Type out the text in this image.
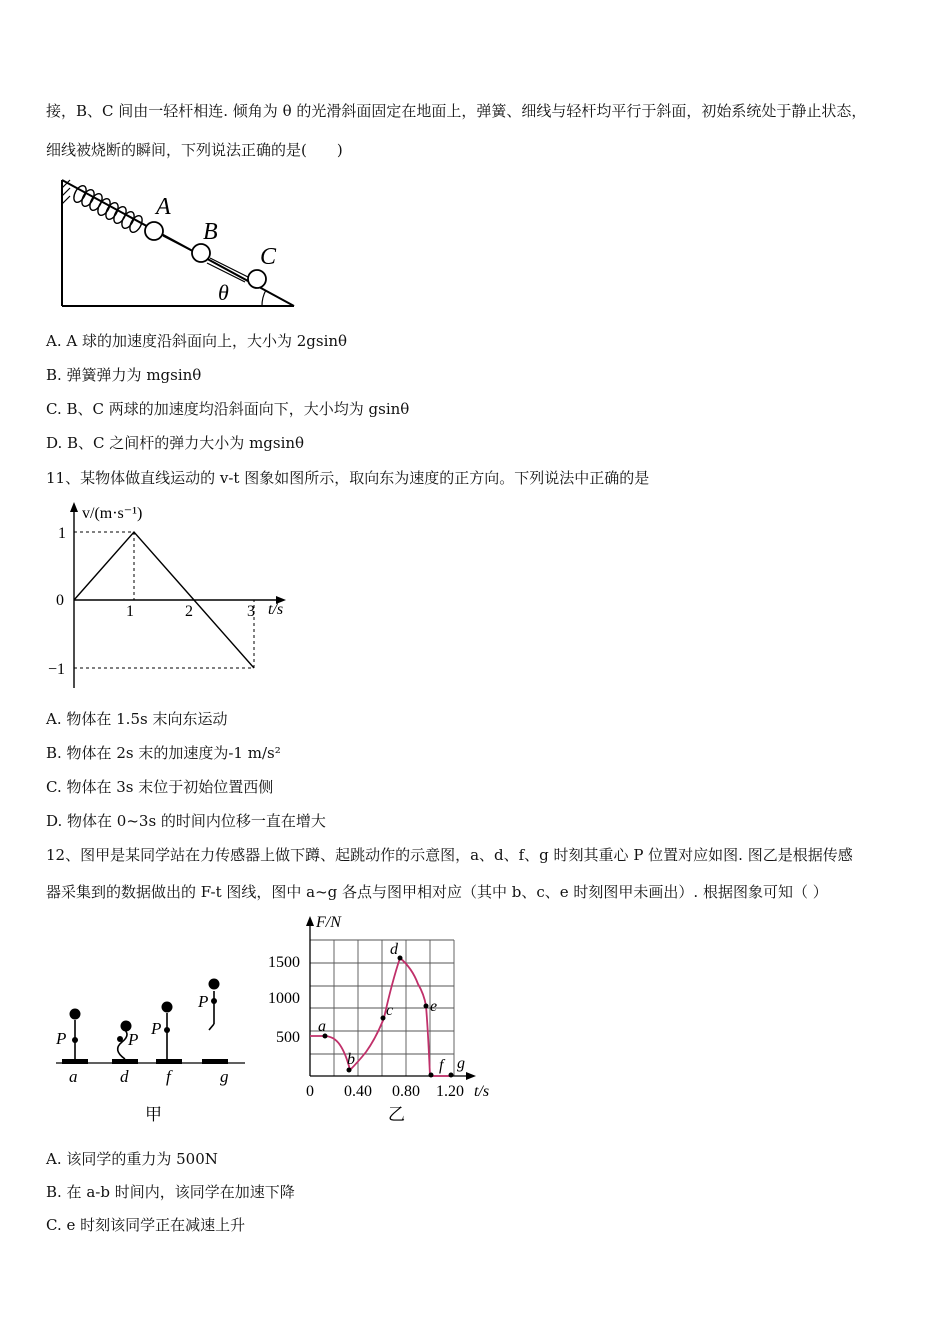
接，B、C 间由一轻杆相连. 倾角为 θ 的光滑斜面固定在地面上，弹簧、细线与轻杆均平行于斜面，初始系统处于静止状态，
细线被烧断的瞬间，下列说法正确的是(　　)
A
B
C
θ
A. A 球的加速度沿斜面向上，大小为 2gsinθ
B. 弹簧弹力为 mgsinθ
C. B、C 两球的加速度均沿斜面向下，大小均为 gsinθ
D. B、C 之间杆的弹力大小为 mgsinθ
11、某物体做直线运动的 v-t 图象如图所示，取向东为速度的正方向。下列说法中正确的是
v/(m·s⁻¹)
t/s
1
0
−1
1	2	3
A. 物体在 1.5s 末向东运动
B. 物体在 2s 末的加速度为-1 m/s²
C. 物体在 3s 末位于初始位置西侧
D. 物体在 0~3s 的时间内位移一直在增大
12、图甲是某同学站在力传感器上做下蹲、起跳动作的示意图，a、d、f、g 时刻其重心 P 位置对应如图. 图乙是根据传感
器采集到的数据做出的 F-t 图线，图中 a~g 各点与图甲相对应（其中 b、c、e 时刻图甲未画出）. 根据图象可知（ ）
P	P
P
P
a	d f	g
甲
F/N
t/s
1500
1000
500
0 0.40 0.80 1.20
a
b
c
d
e
f g
乙
A. 该同学的重力为 500N
B. 在 a-b 时间内，该同学在加速下降
C. e 时刻该同学正在减速上升
